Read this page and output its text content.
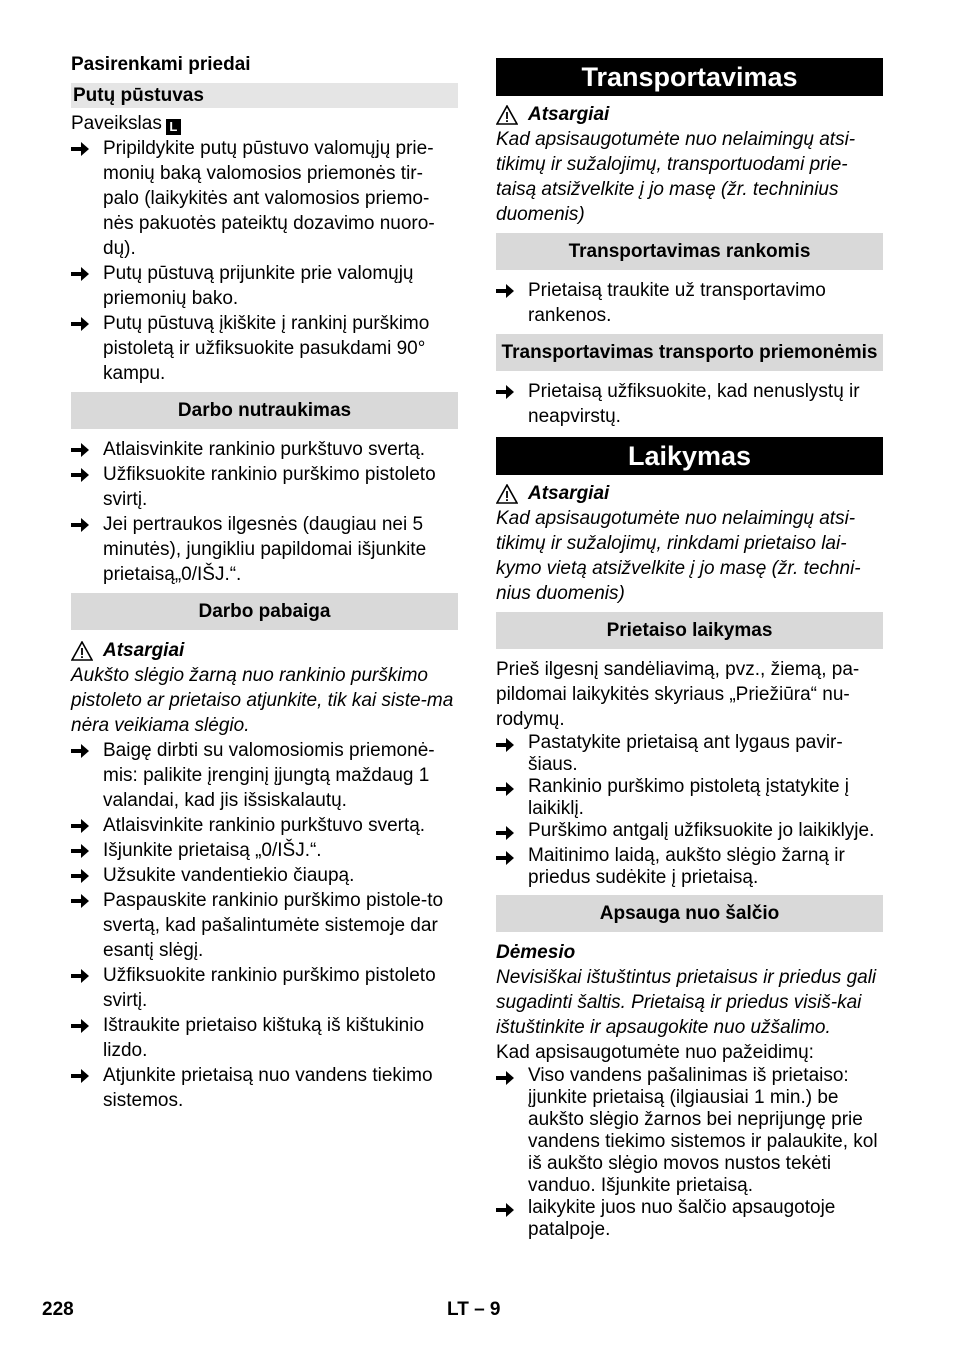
Pasirenkami priedai
Putų pūstuvas
Paveikslas L
Pripildykite putų pūstuvo valomųjų prie-monių baką valomosios priemonės tir-palo (laikykitės ant valomosios priemo-nės pakuotės pateiktų dozavimo nuoro-dų).
Putų pūstuvą prijunkite prie valomųjų priemonių bako.
Putų pūstuvą įkiškite į rankinį purškimo pistoletą ir užfiksuokite pasukdami 90° kampu.
Darbo nutraukimas
Atlaisvinkite rankinio purkštuvo svertą.
Užfiksuokite rankinio purškimo pistoleto svirtį.
Jei pertraukos ilgesnės (daugiau nei 5 minutės), jungikliu papildomai išjunkite prietaisą„0/IŠJ.“.
Darbo pabaiga
Atsargiai
Aukšto slėgio žarną nuo rankinio purškimo pistoleto ar prietaiso atjunkite, tik kai siste-ma nėra veikiama slėgio.
Baigę dirbti su valomosiomis priemonė-mis: palikite įrenginį įjungtą maždaug 1 valandai, kad jis išsiskalautų.
Atlaisvinkite rankinio purkštuvo svertą.
Išjunkite prietaisą „0/IŠJ.“.
Užsukite vandentiekio čiaupą.
Paspauskite rankinio purškimo pistole-to svertą, kad pašalintumėte sistemoje dar esantį slėgį.
Užfiksuokite rankinio purškimo pistoleto svirtį.
Ištraukite prietaiso kištuką iš kištukinio lizdo.
Atjunkite prietaisą nuo vandens tiekimo sistemos.
Transportavimas
Atsargiai
Kad apsisaugotumėte nuo nelaimingų atsi-tikimų ir sužalojimų, transportuodami prie-taisą atsižvelkite į jo masę (žr. techninius duomenis)
Transportavimas rankomis
Prietaisą traukite už transportavimo rankenos.
Transportavimas transporto priemonėmis
Prietaisą užfiksuokite, kad nenuslystų ir neapvirstų.
Laikymas
Atsargiai
Kad apsisaugotumėte nuo nelaimingų atsi-tikimų ir sužalojimų, rinkdami prietaiso lai-kymo vietą atsižvelkite į jo masę (žr. techni-nius duomenis)
Prietaiso laikymas
Prieš ilgesnį sandėliavimą, pvz., žiemą, pa-pildomai laikykitės skyriaus „Priežiūra“ nu-rodymų.
Pastatykite prietaisą ant lygaus pavir-šiaus.
Rankinio purškimo pistoletą įstatykite į laikiklį.
Purškimo antgalį užfiksuokite jo laikiklyje.
Maitinimo laidą, aukšto slėgio žarną ir priedus sudėkite į prietaisą.
Apsauga nuo šalčio
Dėmesio
Nevisiškai ištuštintus prietaisus ir priedus gali sugadinti šaltis. Prietaisą ir priedus visiš-kai ištuštinkite ir apsaugokite nuo užšalimo.
Kad apsisaugotumėte nuo pažeidimų:
Viso vandens pašalinimas iš prietaiso: įjunkite prietaisą (ilgiausiai 1 min.) be aukšto slėgio žarnos bei neprijungę prie vandens tiekimo sistemos ir palaukite, kol iš aukšto slėgio movos nustos tekėti vanduo. Išjunkite prietaisą.
laikykite juos nuo šalčio apsaugotoje patalpoje.
228	LT – 9
